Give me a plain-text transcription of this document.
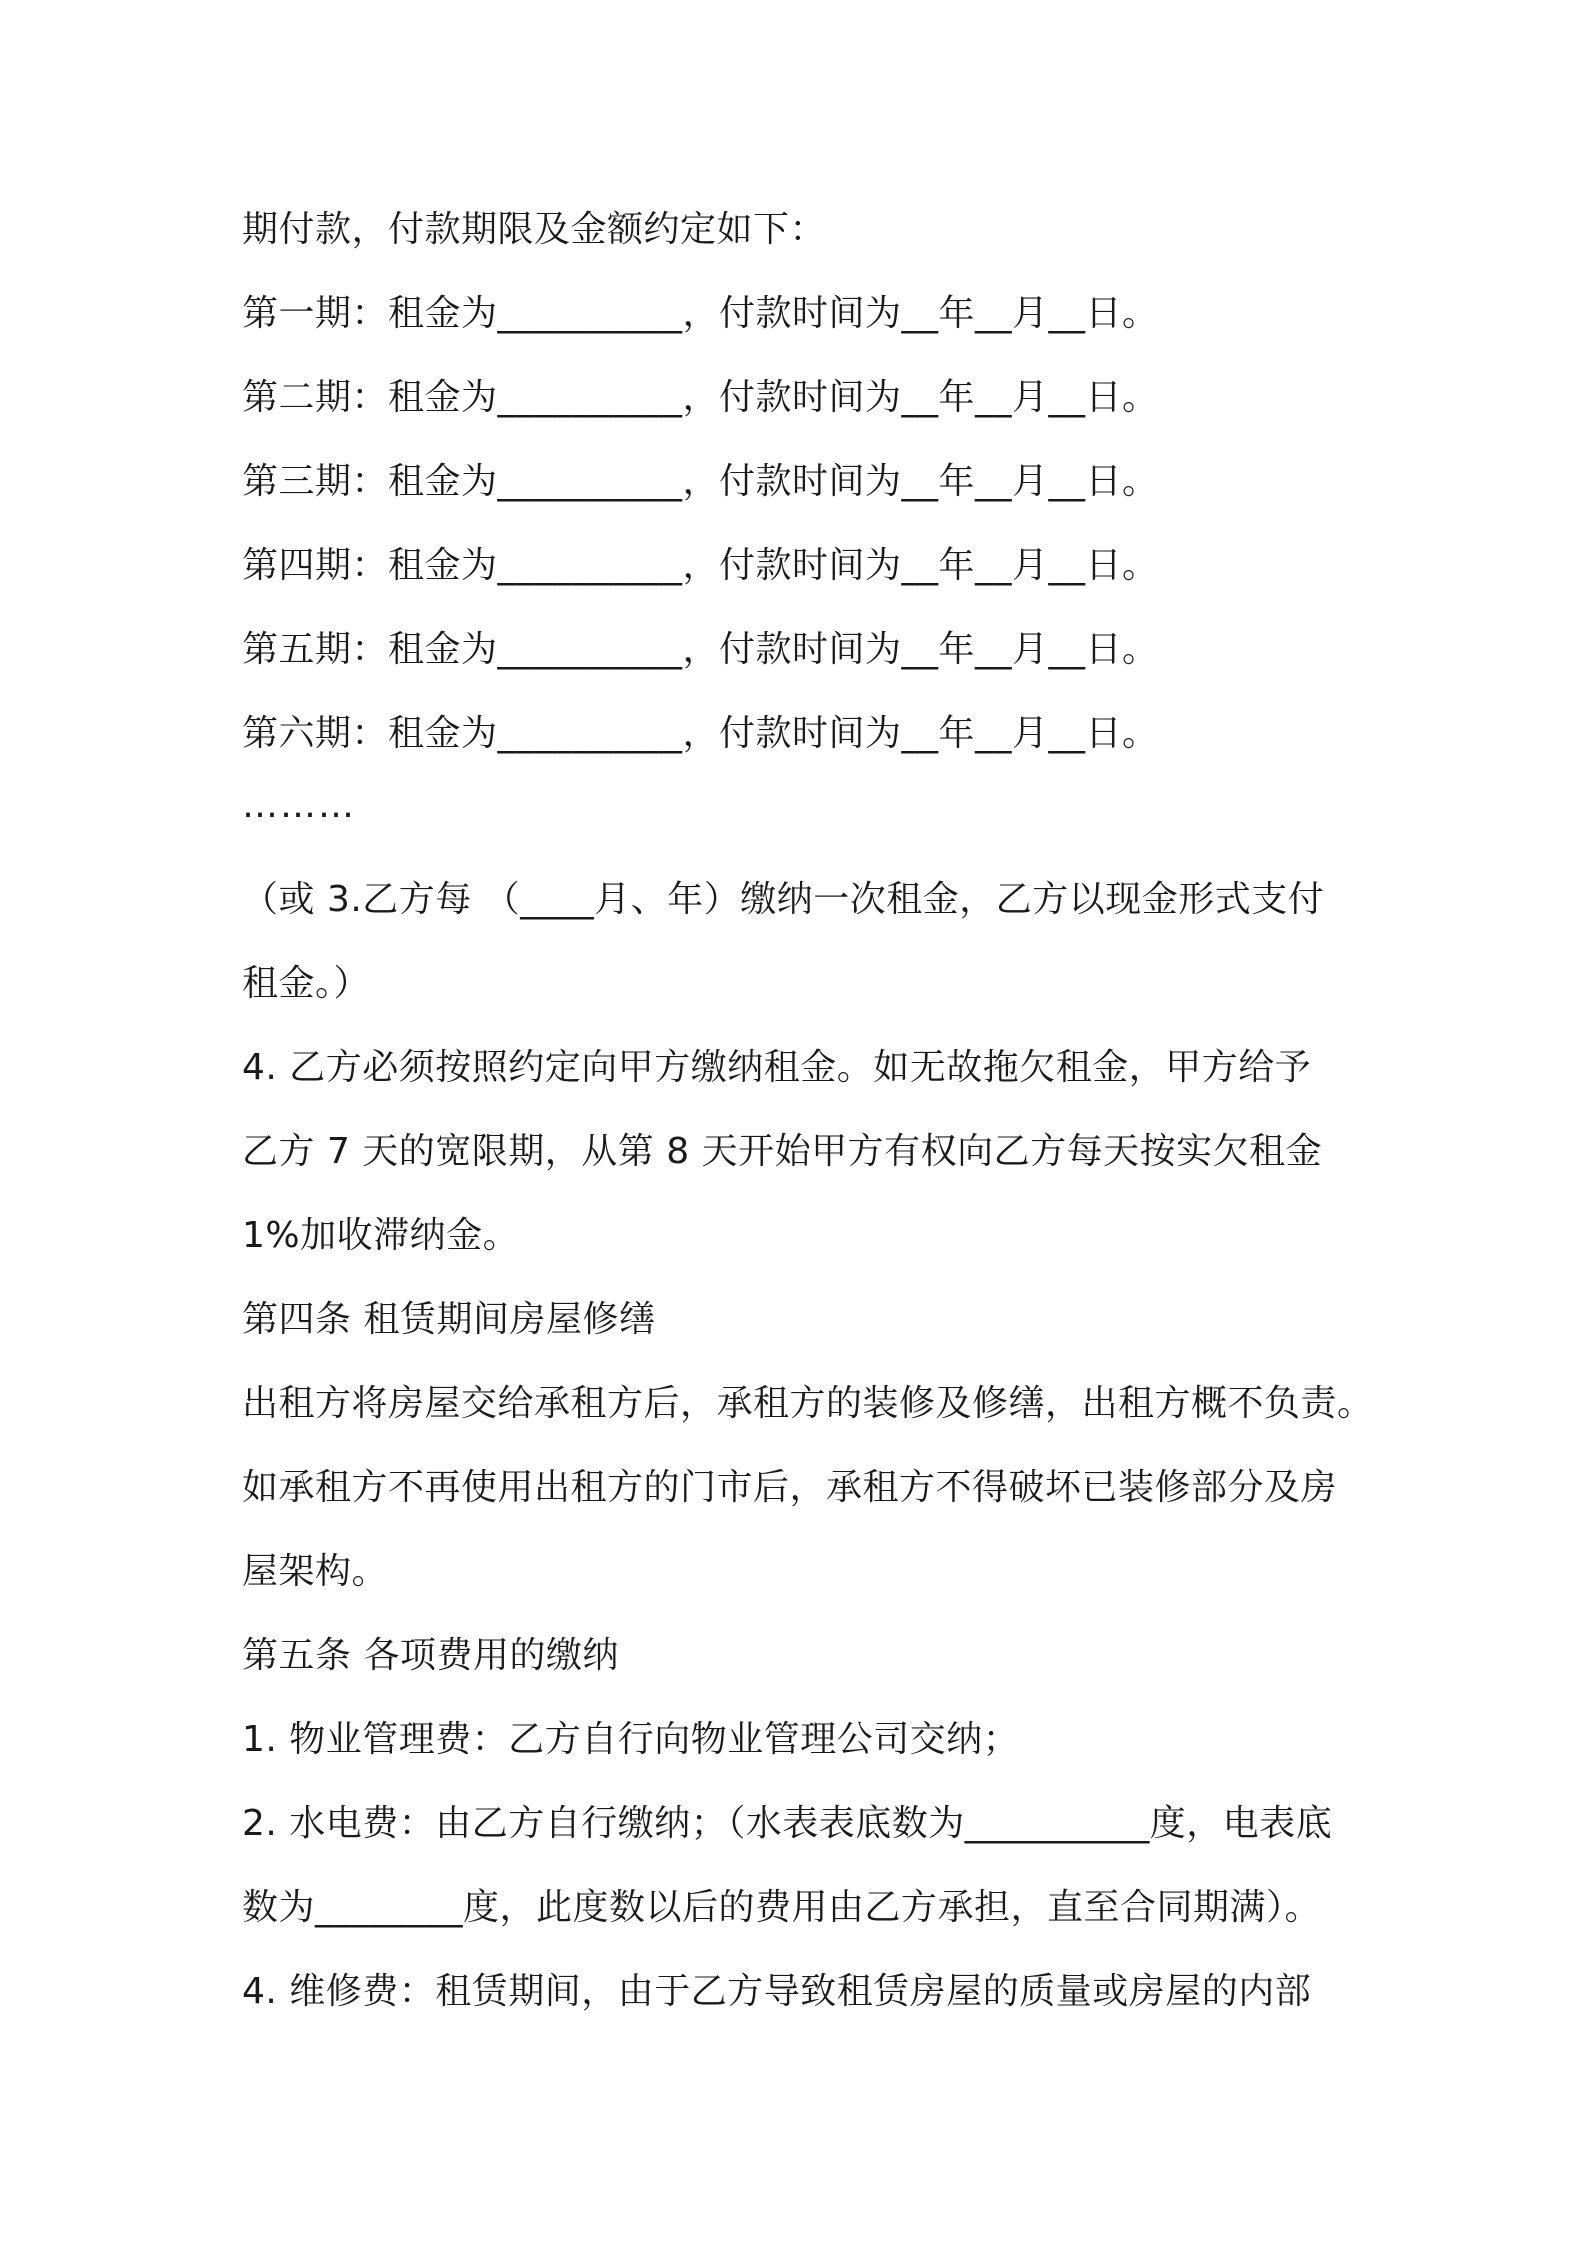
期付款，付款期限及金额约定如下：
第一期：租金为__________，付款时间为__年__月__日。
第二期：租金为__________，付款时间为__年__月__日。
第三期：租金为__________，付款时间为__年__月__日。
第四期：租金为__________，付款时间为__年__月__日。
第五期：租金为__________，付款时间为__年__月__日。
第六期：租金为__________，付款时间为__年__月__日。
………
（或 3.乙方每 （____月、年）缴纳一次租金，乙方以现金形式支付
租金。）
4. 乙方必须按照约定向甲方缴纳租金。如无故拖欠租金，甲方给予
乙方 7 天的宽限期，从第 8 天开始甲方有权向乙方每天按实欠租金
1%加收滞纳金。
第四条 租赁期间房屋修缮
出租方将房屋交给承租方后，承租方的装修及修缮，出租方概不负责。
如承租方不再使用出租方的门市后，承租方不得破坏已装修部分及房
屋架构。
第五条 各项费用的缴纳
1. 物业管理费：乙方自行向物业管理公司交纳；
2. 水电费：由乙方自行缴纳；（水表表底数为__________度，电表底
数为________度，此度数以后的费用由乙方承担，直至合同期满）。
4. 维修费：租赁期间，由于乙方导致租赁房屋的质量或房屋的内部
